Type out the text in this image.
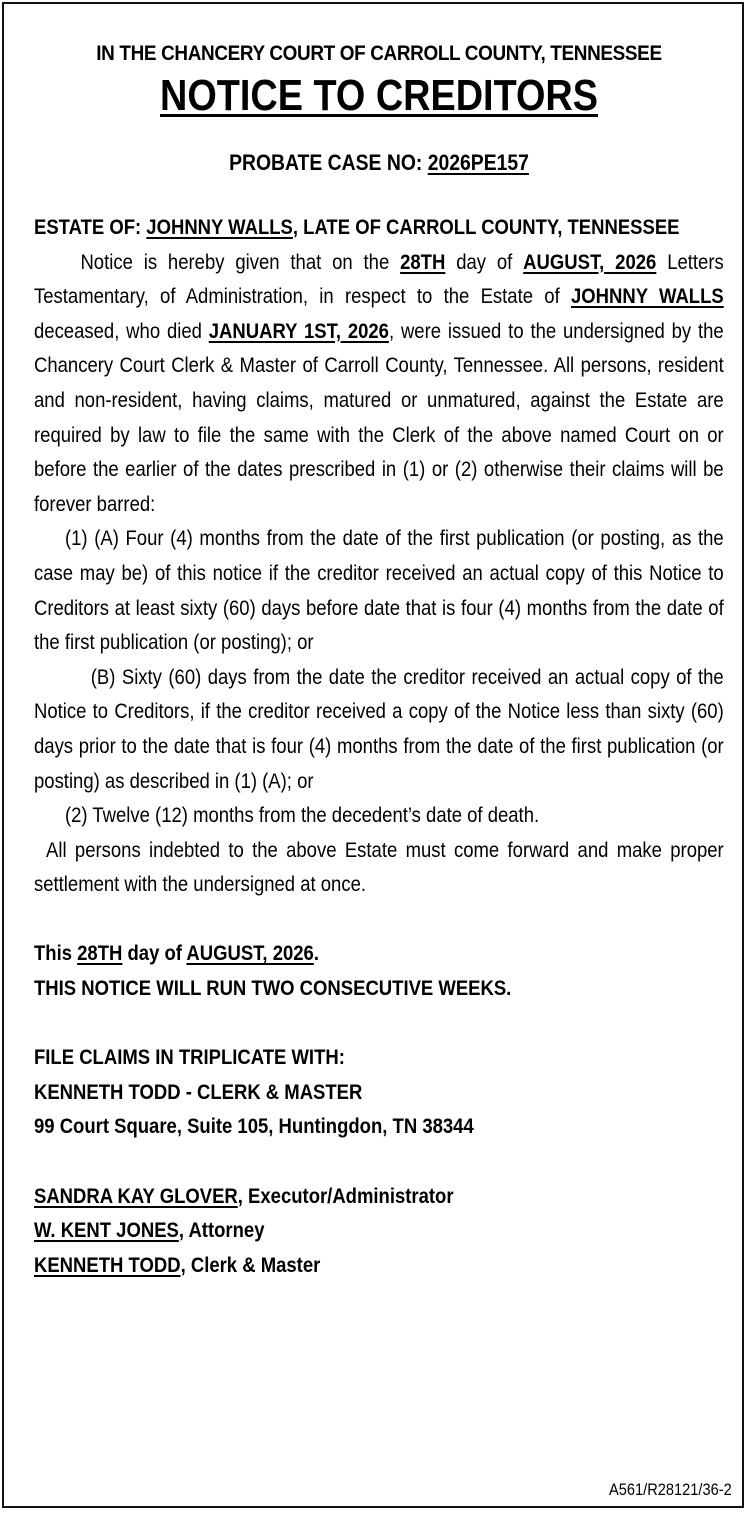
IN THE CHANCERY COURT OF CARROLL COUNTY, TENNESSEE
NOTICE TO CREDITORS
PROBATE CASE NO: 2026PE157

ESTATE OF: JOHNNY WALLS, LATE OF CARROLL COUNTY, TENNESSEE

Notice is hereby given that on the 28TH day of AUGUST, 2026 Letters Testamentary, of Administration, in respect to the Estate of JOHNNY WALLS deceased, who died JANUARY 1ST, 2026, were issued to the undersigned by the Chancery Court Clerk & Master of Carroll County, Tennessee. All persons, resident and non-resident, having claims, matured or unmatured, against the Estate are required by law to file the same with the Clerk of the above named Court on or before the earlier of the dates prescribed in (1) or (2) otherwise their claims will be forever barred:

(1) (A) Four (4) months from the date of the first publication (or posting, as the case may be) of this notice if the creditor received an actual copy of this Notice to Creditors at least sixty (60) days before date that is four (4) months from the date of the first publication (or posting); or

(B) Sixty (60) days from the date the creditor received an actual copy of the Notice to Creditors, if the creditor received a copy of the Notice less than sixty (60) days prior to the date that is four (4) months from the date of the first publication (or posting) as described in (1) (A); or

(2) Twelve (12) months from the decedent’s date of death.

All persons indebted to the above Estate must come forward and make proper settlement with the undersigned at once.

This 28TH day of AUGUST, 2026.

THIS NOTICE WILL RUN TWO CONSECUTIVE WEEKS.

FILE CLAIMS IN TRIPLICATE WITH:

KENNETH TODD - CLERK & MASTER

99 Court Square, Suite 105, Huntingdon, TN 38344

SANDRA KAY GLOVER, Executor/Administrator

W. KENT JONES, Attorney

KENNETH TODD, Clerk & Master

A561/R28121/36-2
